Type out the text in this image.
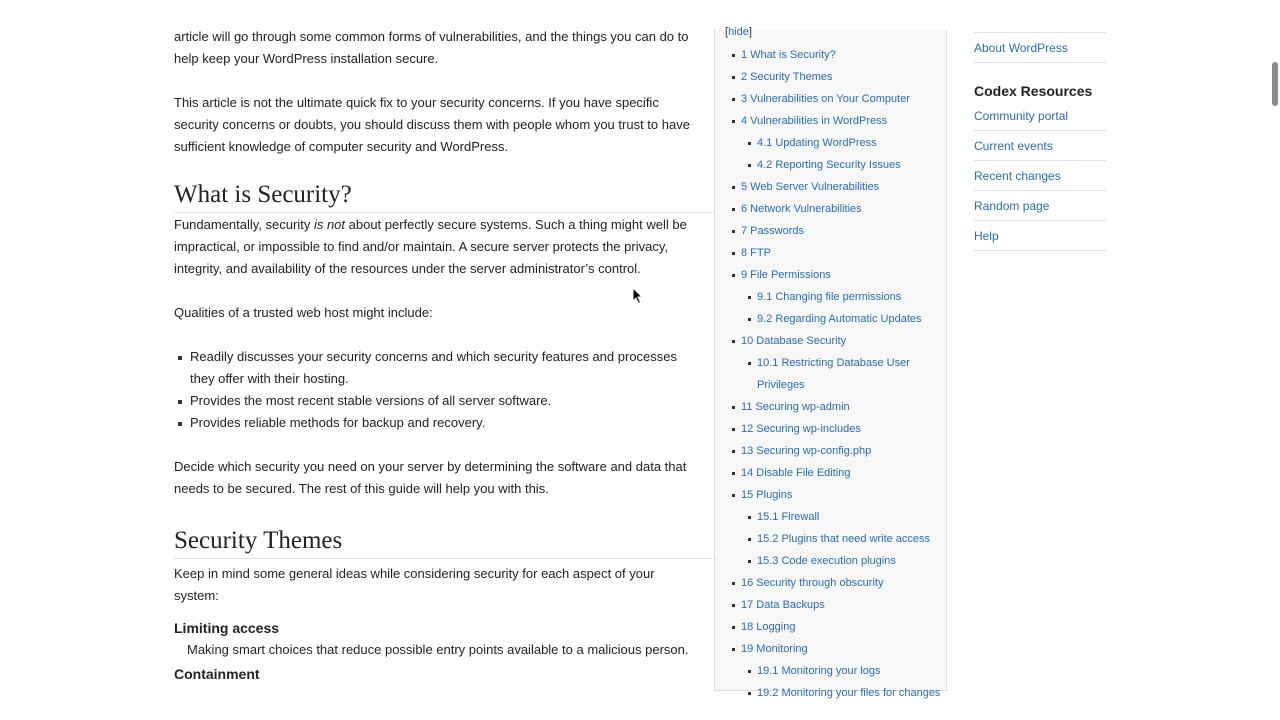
article will go through some common forms of vulnerabilities, and the things you can do to
help keep your WordPress installation secure.

This article is not the ultimate quick fix to your security concerns. If you have specific security concerns or doubts, you should discuss them with people whom you trust to have sufficient knowledge of computer security and WordPress.

What is Security?

Fundamentally, security is not about perfectly secure systems. Such a thing might well be impractical, or impossible to find and/or maintain. A secure server protects the privacy, integrity, and availability of the resources under the server administrator’s control.

Qualities of a trusted web host might include:

Readily discusses your security concerns and which security features and processes they offer with their hosting.
Provides the most recent stable versions of all server software.
Provides reliable methods for backup and recovery.

Decide which security you need on your server by determining the software and data that needs to be secured. The rest of this guide will help you with this.

Security Themes

Keep in mind some general ideas while considering security for each aspect of your system:

Limiting access

Making smart choices that reduce possible entry points available to a malicious person.

Containment
[hide]
1 What is Security?
2 Security Themes
3 Vulnerabilities on Your Computer
4 Vulnerabilities in WordPress
4.1 Updating WordPress
4.2 Reporting Security Issues
5 Web Server Vulnerabilities
6 Network Vulnerabilities
7 Passwords
8 FTP
9 File Permissions
9.1 Changing file permissions
9.2 Regarding Automatic Updates
10 Database Security
10.1 Restricting Database User Privileges
11 Securing wp-admin
12 Securing wp-includes
13 Securing wp-config.php
14 Disable File Editing
15 Plugins
15.1 Firewall
15.2 Plugins that need write access
15.3 Code execution plugins
16 Security through obscurity
17 Data Backups
18 Logging
19 Monitoring
19.1 Monitoring your logs
19.2 Monitoring your files for changes
About WordPress
Codex Resources
Community portal
Current events
Recent changes
Random page
Help
